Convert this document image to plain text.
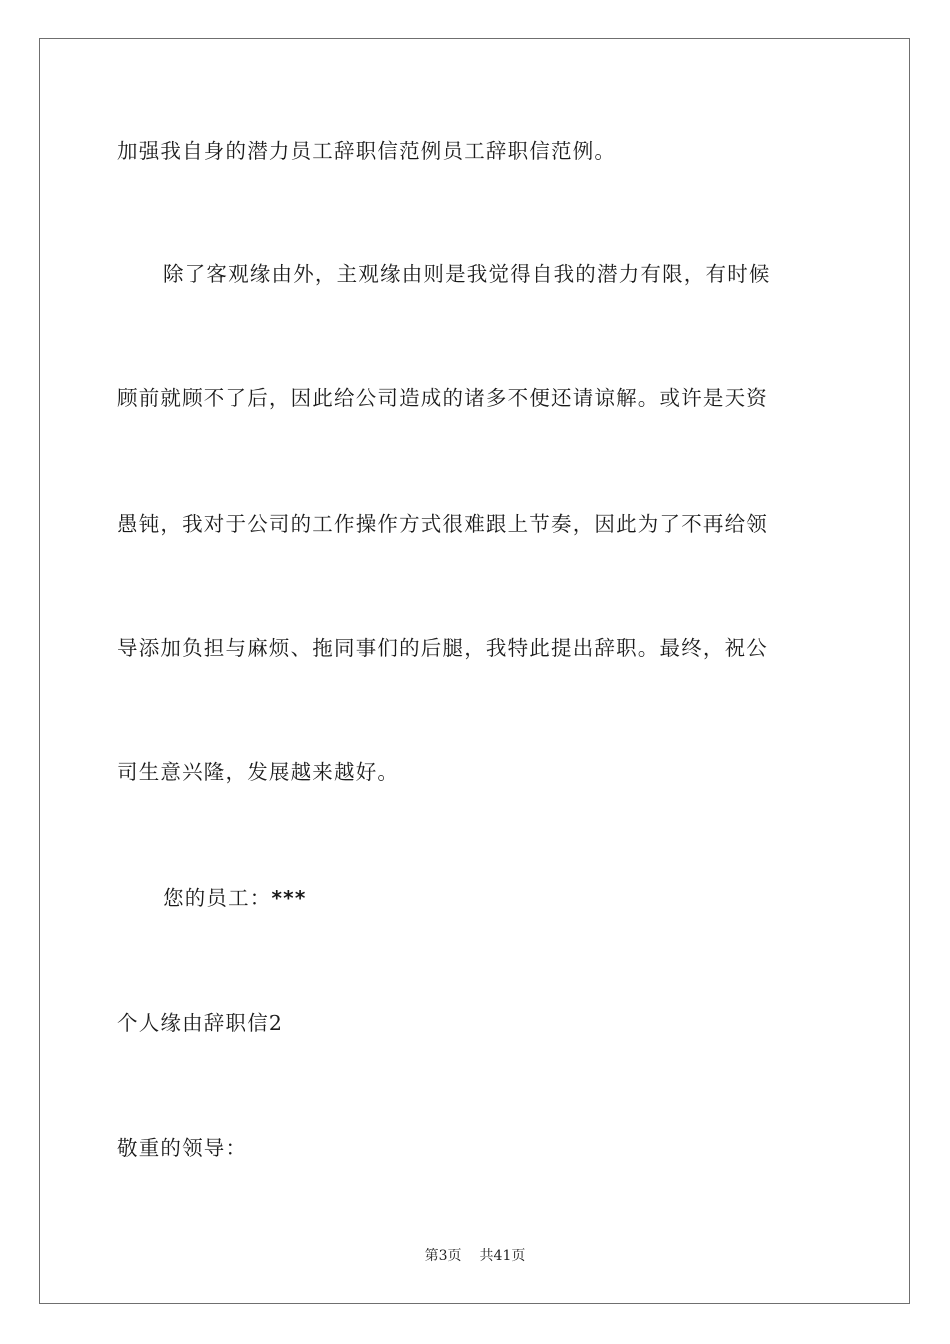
加强我自身的潜力员工辞职信范例员工辞职信范例。

除了客观缘由外，主观缘由则是我觉得自我的潜力有限，有时候

顾前就顾不了后，因此给公司造成的诸多不便还请谅解。或许是天资

愚钝，我对于公司的工作操作方式很难跟上节奏，因此为了不再给领

导添加负担与麻烦、拖同事们的后腿，我特此提出辞职。最终，祝公

司生意兴隆，发展越来越好。

您的员工：***

个人缘由辞职信2

敬重的领导：

第3页 共41页
